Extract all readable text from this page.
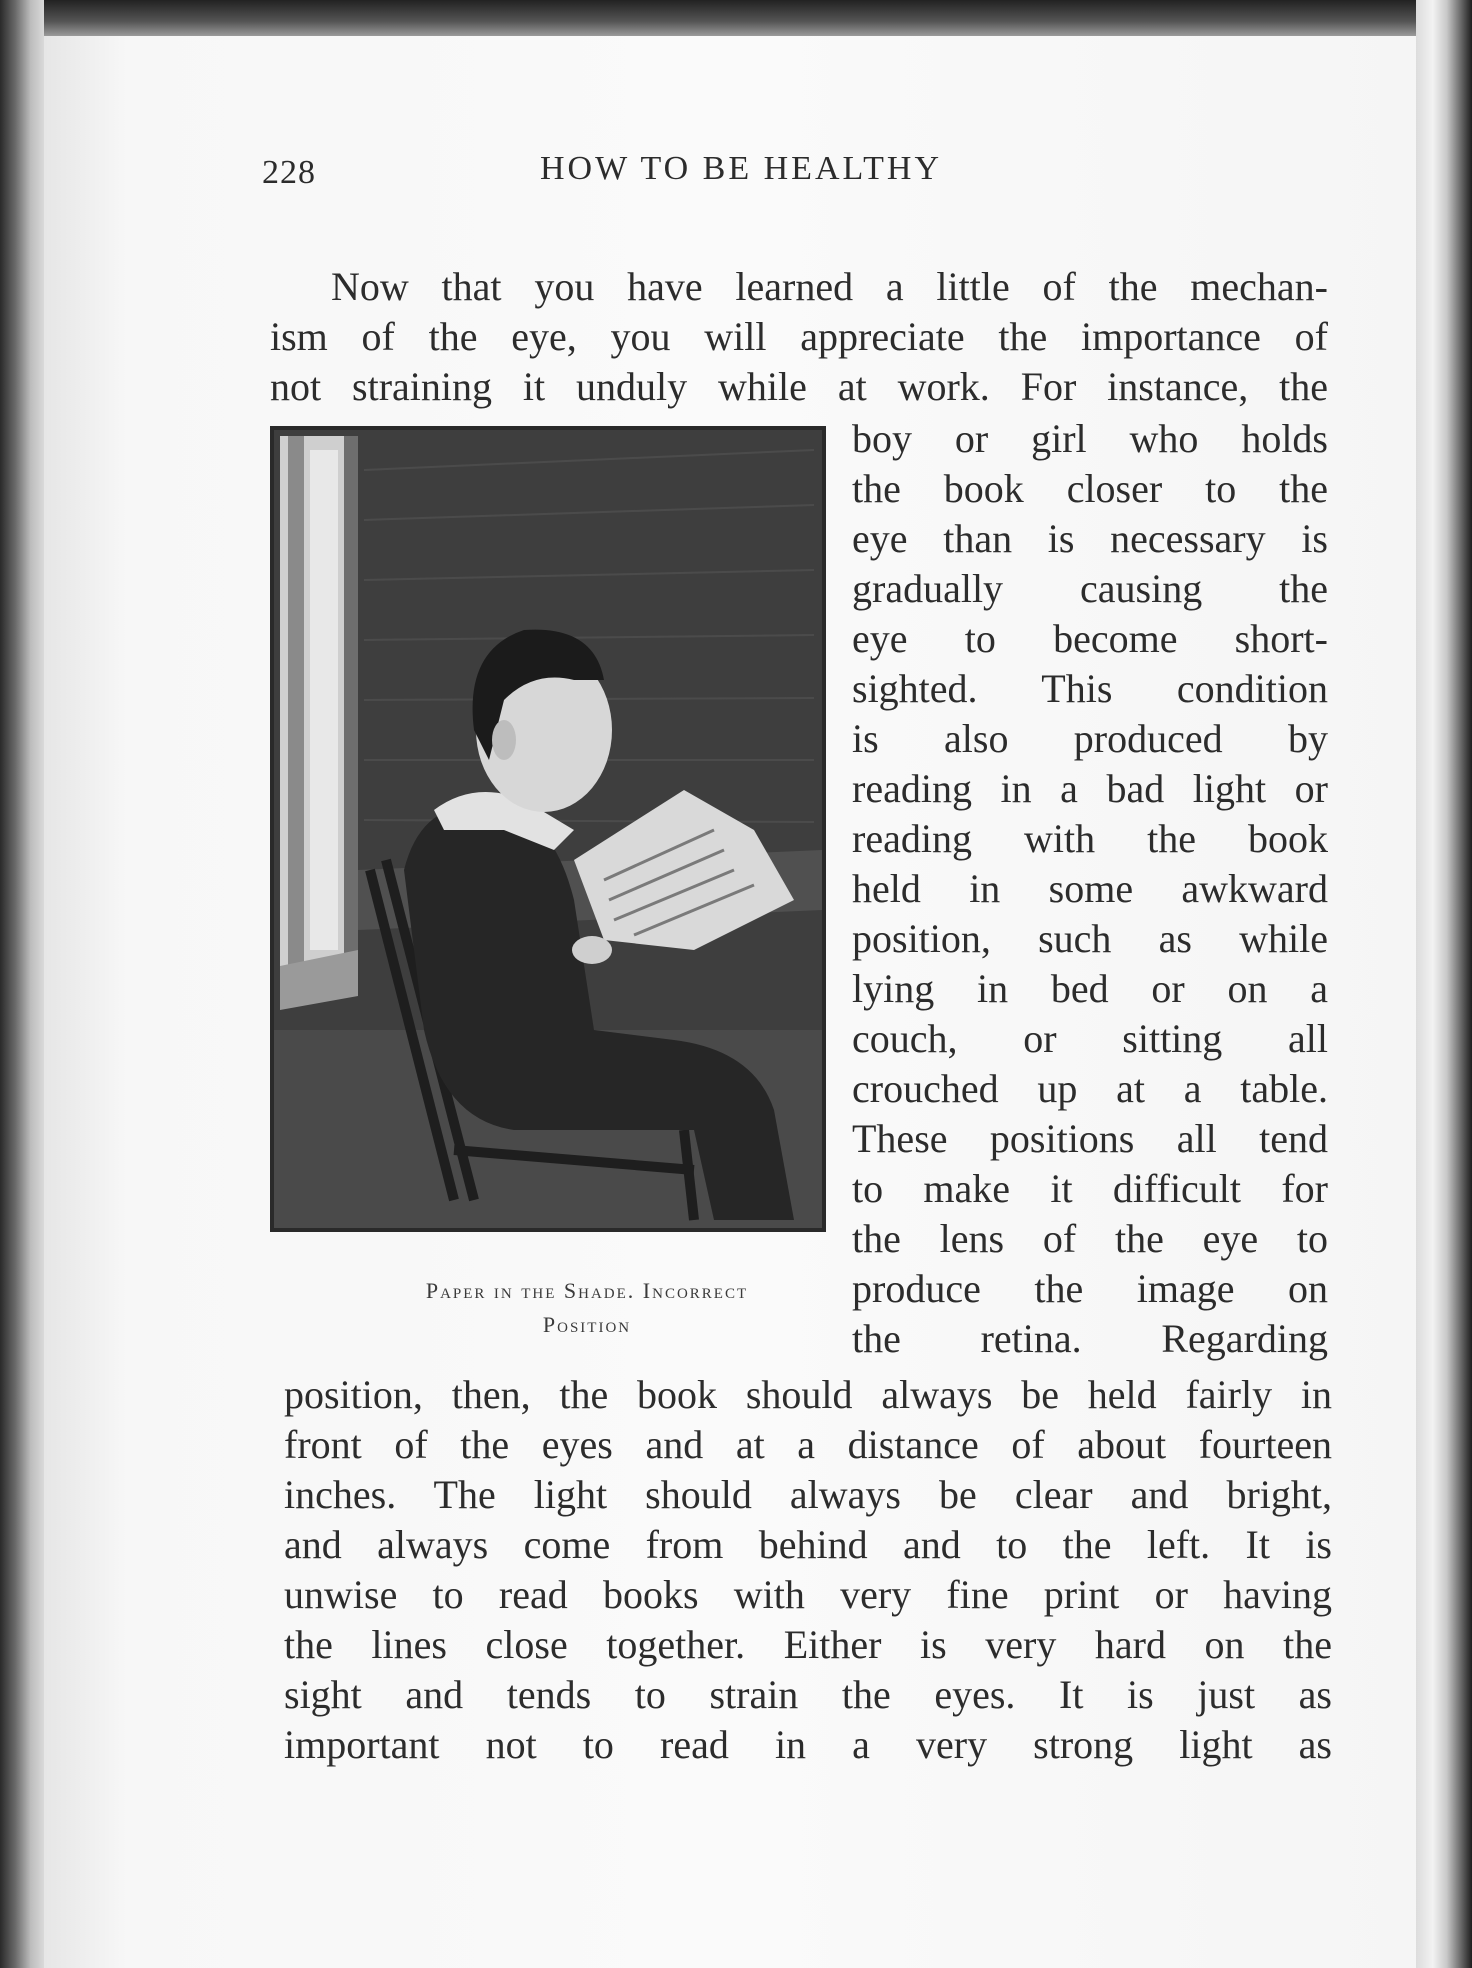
228	HOW TO BE HEALTHY
Paper in the Shade. Incorrect
Position
Now that you have learned a little of the mechan-
ism of the eye, you will appreciate the importance of
not straining it unduly while at work. For instance, the
boy or girl who holds
the book closer to the
eye than is necessary is
gradually causing the
eye to become short-
sighted. This condition
is also produced by
reading in a bad light or
reading with the book
held in some awkward
position, such as while
lying in bed or on a
couch, or sitting all
crouched up at a table.
These positions all tend
to make it difficult for
the lens of the eye to
produce the image on
the retina. Regarding
position, then, the book should always be held fairly in
front of the eyes and at a distance of about fourteen
inches. The light should always be clear and bright,
and always come from behind and to the left. It is
unwise to read books with very fine print or having
the lines close together. Either is very hard on the
sight and tends to strain the eyes. It is just as
important not to read in a very strong light as
